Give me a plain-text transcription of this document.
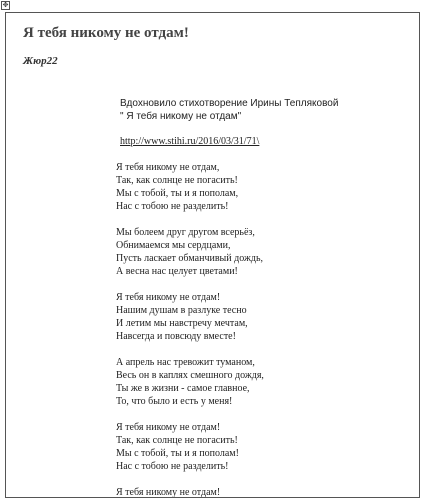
✥
Я тебя никому не отдам!
Жюр22
Вдохновило стихотворение Ирины Тепляковой
" Я тебя никому не отдам"
http://www.stihi.ru/2016/03/31/71\
Я тебя никому не отдам,
Так, как солнце не погасить!
Мы с тобой, ты и я пополам,
Нас с тобою не разделить!
Мы болеем друг другом всерьёз,
Обнимаемся мы сердцами,
Пусть ласкает обманчивый дождь,
А весна нас целует цветами!
Я тебя никому не отдам!
Нашим душам в разлуке тесно
И летим мы навстречу мечтам,
Навсегда и повсюду вместе!
А апрель нас тревожит туманом,
Весь он в каплях смешного дождя,
Ты же в жизни - самое главное,
То, что было и есть у меня!
Я тебя никому не отдам!
Так, как солнце не погасить!
Мы с тобой, ты и я пополам!
Нас с тобою не разделить!
Я тебя никому не отдам!
